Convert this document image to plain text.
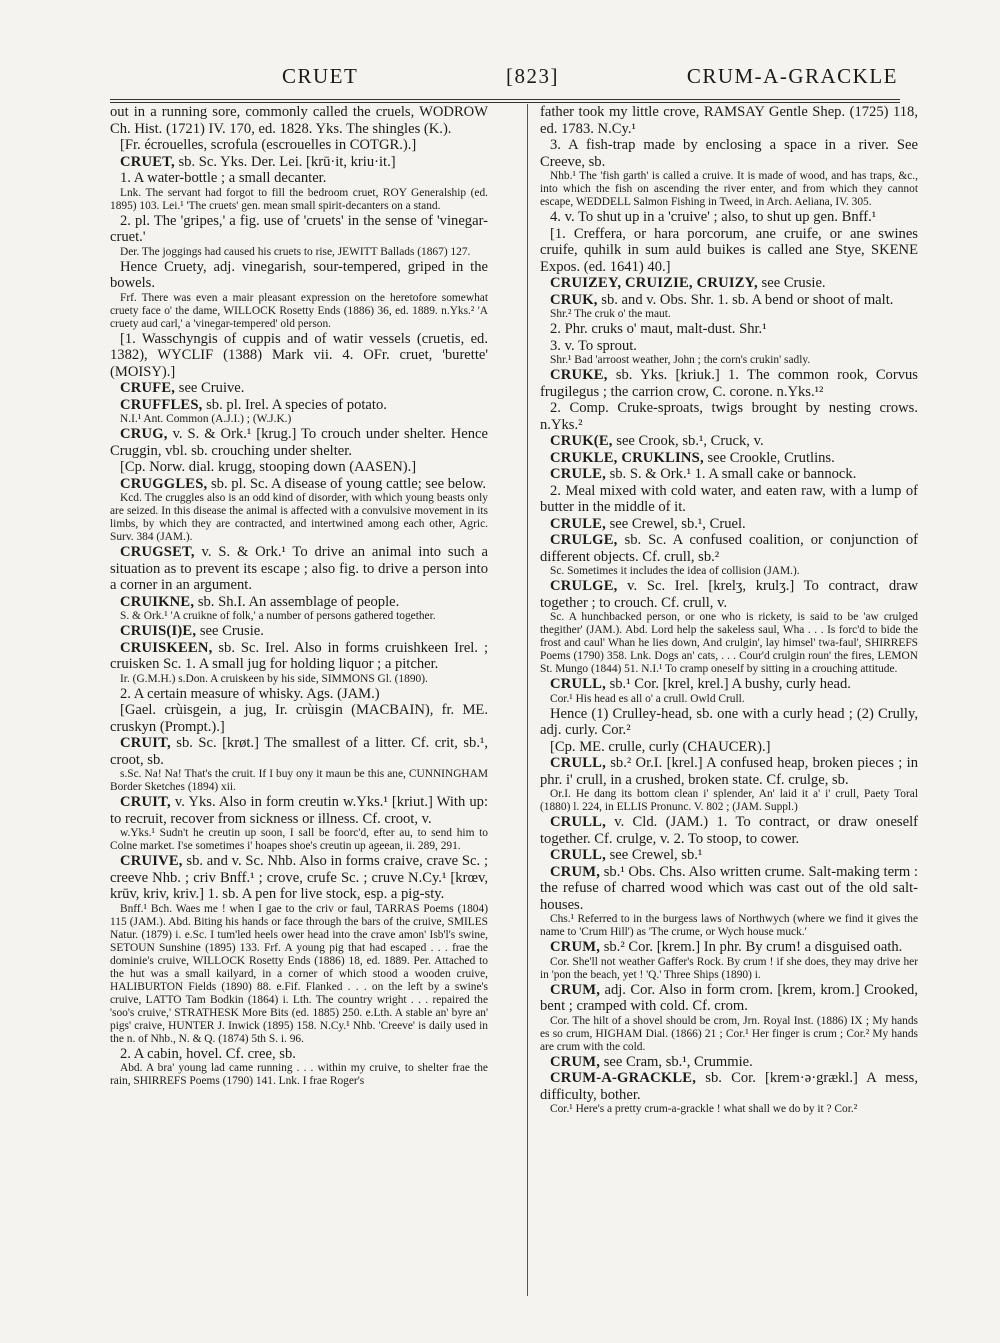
CRUET	[823]	CRUM-A-GRACKLE

out in a running sore, commonly called the cruels, WODROW Ch. Hist. (1721) IV. 170, ed. 1828. Yks. The shingles (K.).

[Fr. écrouelles, scrofula (escrouelles in COTGR.).]

CRUET, sb. Sc. Yks. Der. Lei. [krū·it, kriu·it.]

1. A water-bottle ; a small decanter.

Lnk. The servant had forgot to fill the bedroom cruet, ROY Generalship (ed. 1895) 103. Lei.¹ 'The cruets' gen. mean small spirit-decanters on a stand.

2. pl. The 'gripes,' a fig. use of 'cruets' in the sense of 'vinegar-cruet.'

Der. The joggings had caused his cruets to rise, JEWITT Ballads (1867) 127.

Hence Cruety, adj. vinegarish, sour-tempered, griped in the bowels.

Frf. There was even a mair pleasant expression on the heretofore somewhat cruety face o' the dame, WILLOCK Rosetty Ends (1886) 36, ed. 1889. n.Yks.² 'A cruety aud carl,' a 'vinegar-tempered' old person.

[1. Wasschyngis of cuppis and of watir vessels (cruetis, ed. 1382), WYCLIF (1388) Mark vii. 4. OFr. cruet, 'burette' (MOISY).]

CRUFE, see Cruive.

CRUFFLES, sb. pl. Irel. A species of potato.

N.I.¹ Ant. Common (A.J.I.) ; (W.J.K.)

CRUG, v. S. & Ork.¹ [krug.] To crouch under shelter. Hence Cruggin, vbl. sb. crouching under shelter.

[Cp. Norw. dial. krugg, stooping down (AASEN).]

CRUGGLES, sb. pl. Sc. A disease of young cattle; see below.

Kcd. The cruggles also is an odd kind of disorder, with which young beasts only are seized. In this disease the animal is affected with a convulsive movement in its limbs, by which they are contracted, and intertwined among each other, Agric. Surv. 384 (JAM.).

CRUGSET, v. S. & Ork.¹ To drive an animal into such a situation as to prevent its escape ; also fig. to drive a person into a corner in an argument.

CRUIKNE, sb. Sh.I. An assemblage of people.

S. & Ork.¹ 'A cruikne of folk,' a number of persons gathered together.

CRUIS(I)E, see Crusie.

CRUISKEEN, sb. Sc. Irel. Also in forms cruishkeen Irel. ; cruisken Sc. 1. A small jug for holding liquor ; a pitcher.

Ir. (G.M.H.) s.Don. A cruiskeen by his side, SIMMONS Gl. (1890).

2. A certain measure of whisky. Ags. (JAM.)

[Gael. crùisgein, a jug, Ir. crùisgin (MACBAIN), fr. ME. cruskyn (Prompt.).]

CRUIT, sb. Sc. [krøt.] The smallest of a litter. Cf. crit, sb.¹, croot, sb.

s.Sc. Na! Na! That's the cruit. If I buy ony it maun be this ane, CUNNINGHAM Border Sketches (1894) xii.

CRUIT, v. Yks. Also in form creutin w.Yks.¹ [kriut.] With up: to recruit, recover from sickness or illness. Cf. croot, v.

w.Yks.¹ Sudn't he creutin up soon, I sall be foorc'd, efter au, to send him to Colne market. I'se sometimes i' hoapes shoe's creutin up ageean, ii. 289, 291.

CRUIVE, sb. and v. Sc. Nhb. Also in forms craive, crave Sc. ; creeve Nhb. ; criv Bnff.¹ ; crove, crufe Sc. ; cruve N.Cy.¹ [krœv, krūv, kriv, kriv.] 1. sb. A pen for live stock, esp. a pig-sty.

Bnff.¹ Bch. Waes me ! when I gae to the criv or faul, TARRAS Poems (1804) 115 (JAM.). Abd. Biting his hands or face through the bars of the cruive, SMILES Natur. (1879) i. e.Sc. I tum'led heels ower head into the crave amon' Isb'l's swine, SETOUN Sunshine (1895) 133. Frf. A young pig that had escaped . . . frae the dominie's cruive, WILLOCK Rosetty Ends (1886) 18, ed. 1889. Per. Attached to the hut was a small kailyard, in a corner of which stood a wooden cruive, HALIBURTON Fields (1890) 88. e.Fif. Flanked . . . on the left by a swine's cruive, LATTO Tam Bodkin (1864) i. Lth. The country wright . . . repaired the 'soo's cruive,' STRATHESK More Bits (ed. 1885) 250. e.Lth. A stable an' byre an' pigs' craive, HUNTER J. Inwick (1895) 158. N.Cy.¹ Nhb. 'Creeve' is daily used in the n. of Nhb., N. & Q. (1874) 5th S. i. 96.

2. A cabin, hovel. Cf. cree, sb.

Abd. A bra' young lad came running . . . within my cruive, to shelter frae the rain, SHIRREFS Poems (1790) 141. Lnk. I frae Roger's

father took my little crove, RAMSAY Gentle Shep. (1725) 118, ed. 1783. N.Cy.¹

3. A fish-trap made by enclosing a space in a river. See Creeve, sb.

Nhb.¹ The 'fish garth' is called a cruive. It is made of wood, and has traps, &c., into which the fish on ascending the river enter, and from which they cannot escape, WEDDELL Salmon Fishing in Tweed, in Arch. Aeliana, IV. 305.

4. v. To shut up in a 'cruive' ; also, to shut up gen. Bnff.¹

[1. Creffera, or hara porcorum, ane cruife, or ane swines cruife, quhilk in sum auld buikes is called ane Stye, SKENE Expos. (ed. 1641) 40.]

CRUIZEY, CRUIZIE, CRUIZY, see Crusie.

CRUK, sb. and v. Obs. Shr. 1. sb. A bend or shoot of malt.

Shr.² The cruk o' the maut.

2. Phr. cruks o' maut, malt-dust. Shr.¹

3. v. To sprout.

Shr.¹ Bad 'arroost weather, John ; the corn's crukin' sadly.

CRUKE, sb. Yks. [kriuk.] 1. The common rook, Corvus frugilegus ; the carrion crow, C. corone. n.Yks.¹²

2. Comp. Cruke-sproats, twigs brought by nesting crows. n.Yks.²

CRUK(E, see Crook, sb.¹, Cruck, v.

CRUKLE, CRUKLINS, see Crookle, Crutlins.

CRULE, sb. S. & Ork.¹ 1. A small cake or bannock.

2. Meal mixed with cold water, and eaten raw, with a lump of butter in the middle of it.

CRULE, see Crewel, sb.¹, Cruel.

CRULGE, sb. Sc. A confused coalition, or conjunction of different objects. Cf. crull, sb.²

Sc. Sometimes it includes the idea of collision (JAM.).

CRULGE, v. Sc. Irel. [krelʒ, krulʒ.] To contract, draw together ; to crouch. Cf. crull, v.

Sc. A hunchbacked person, or one who is rickety, is said to be 'aw crulged thegither' (JAM.). Abd. Lord help the sakeless saul, Wha . . . Is forc'd to bide the frost and caul' Whan he lies down, And crulgin', lay himsel' twa-faul', SHIRREFS Poems (1790) 358. Lnk. Dogs an' cats, . . . Cour'd crulgin roun' the fires, LEMON St. Mungo (1844) 51. N.I.¹ To cramp oneself by sitting in a crouching attitude.

CRULL, sb.¹ Cor. [krel, krel.] A bushy, curly head.

Cor.¹ His head es all o' a crull. Owld Crull.

Hence (1) Crulley-head, sb. one with a curly head ; (2) Crully, adj. curly. Cor.²

[Cp. ME. crulle, curly (CHAUCER).]

CRULL, sb.² Or.I. [krel.] A confused heap, broken pieces ; in phr. i' crull, in a crushed, broken state. Cf. crulge, sb.

Or.I. He dang its bottom clean i' splender, An' laid it a' i' crull, Paety Toral (1880) l. 224, in ELLIS Pronunc. V. 802 ; (JAM. Suppl.)

CRULL, v. Cld. (JAM.) 1. To contract, or draw oneself together. Cf. crulge, v. 2. To stoop, to cower.

CRULL, see Crewel, sb.¹

CRUM, sb.¹ Obs. Chs. Also written crume. Salt-making term : the refuse of charred wood which was cast out of the old salt-houses.

Chs.¹ Referred to in the burgess laws of Northwych (where we find it gives the name to 'Crum Hill') as 'The crume, or Wych house muck.'

CRUM, sb.² Cor. [krem.] In phr. By crum! a disguised oath.

Cor. She'll not weather Gaffer's Rock. By crum ! if she does, they may drive her in 'pon the beach, yet ! 'Q.' Three Ships (1890) i.

CRUM, adj. Cor. Also in form crom. [krem, krom.] Crooked, bent ; cramped with cold. Cf. crom.

Cor. The hilt of a shovel should be crom, Jrn. Royal Inst. (1886) IX ; My hands es so crum, HIGHAM Dial. (1866) 21 ; Cor.¹ Her finger is crum ; Cor.² My hands are crum with the cold.

CRUM, see Cram, sb.¹, Crummie.

CRUM-A-GRACKLE, sb. Cor. [krem·ə·grækl.] A mess, difficulty, bother.

Cor.¹ Here's a pretty crum-a-grackle ! what shall we do by it ? Cor.²
